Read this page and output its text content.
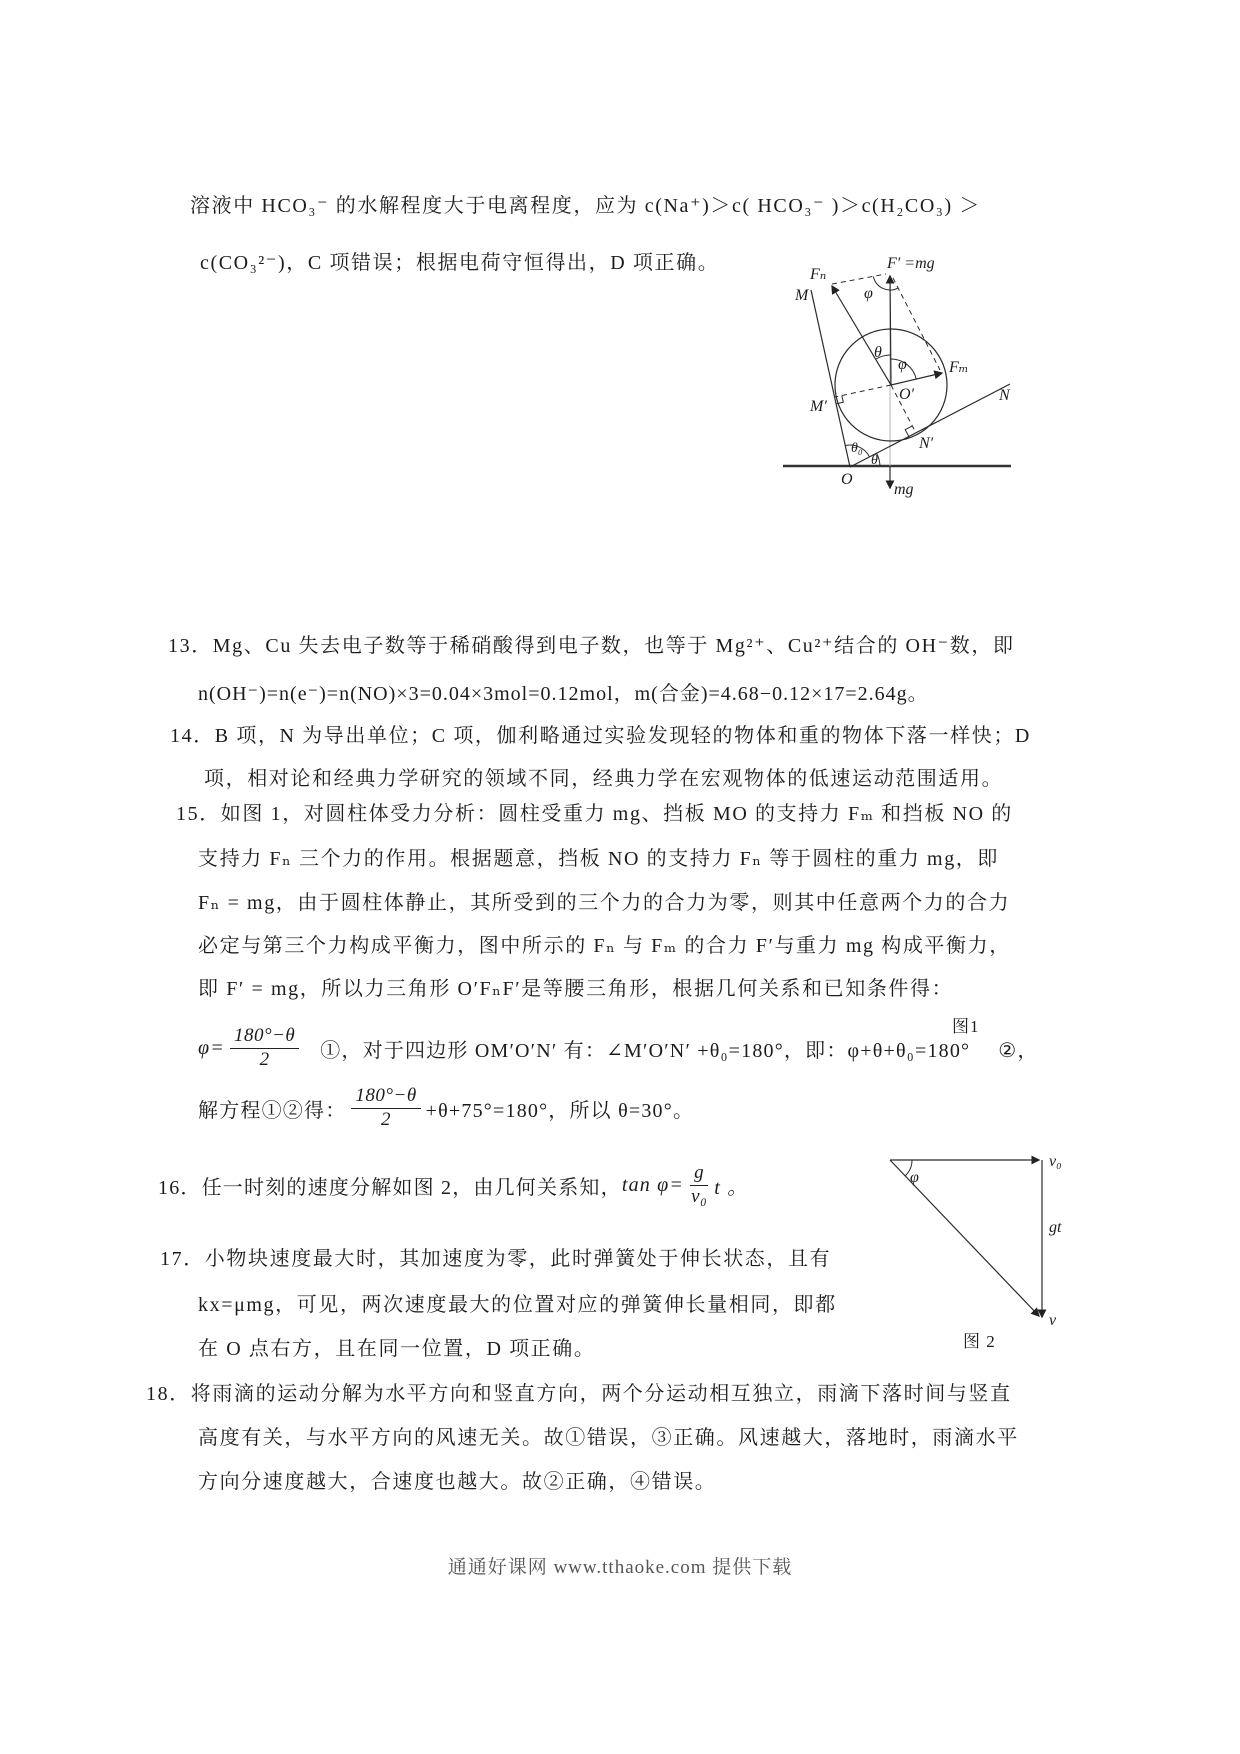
溶液中 HCO₃⁻ 的水解程度大于电离程度，应为 c(Na⁺)＞c( HCO₃⁻ )＞c(H₂CO₃) ＞
c(CO₃²⁻)，C 项错误；根据电荷守恒得出，D 项正确。
M
Fₙ
F′ =mg
φ
θ
φ
O′
Fₘ
N
M′
N′
O
θ₀
θ
mg
13．Mg、Cu 失去电子数等于稀硝酸得到电子数，也等于 Mg²⁺、Cu²⁺结合的 OH⁻数，即
n(OH⁻)=n(e⁻)=n(NO)×3=0.04×3mol=0.12mol，m(合金)=4.68−0.12×17=2.64g。
14．B 项，N 为导出单位；C 项，伽利略通过实验发现轻的物体和重的物体下落一样快；D
项，相对论和经典力学研究的领域不同，经典力学在宏观物体的低速运动范围适用。
15．如图 1，对圆柱体受力分析：圆柱受重力 mg、挡板 MO 的支持力 Fₘ 和挡板 NO 的
支持力 Fₙ 三个力的作用。根据题意，挡板 NO 的支持力 Fₙ 等于圆柱的重力 mg，即
Fₙ = mg，由于圆柱体静止，其所受到的三个力的合力为零，则其中任意两个力的合力
必定与第三个力构成平衡力，图中所示的 Fₙ 与 Fₘ 的合力 F′与重力 mg 构成平衡力，
即 F′ = mg，所以力三角形 O′FₙF′是等腰三角形，根据几何关系和已知条件得：
图1
$\varphi= \frac{180^\circ-\theta}{2}$ ①，对于四边形 OM′O′N′ 有：∠M′O′N′ +θ₀=180°，即：φ+θ+θ₀=180° ②，
解方程①②得： $\frac{180^\circ-\theta}{2} +\theta+75^\circ=180^\circ$，所以 θ=30°。
16．任一时刻的速度分解如图 2，由几何关系知， $\tan \varphi= \frac{g}{\text{v₀}}$ t 。	φ
v₀
gt
v
图 2
17．小物块速度最大时，其加速度为零，此时弹簧处于伸长状态，且有
kx=μmg，可见，两次速度最大的位置对应的弹簧伸长量相同，即都
在 O 点右方，且在同一位置，D 项正确。
18．将雨滴的运动分解为水平方向和竖直方向，两个分运动相互独立，雨滴下落时间与竖直
高度有关，与水平方向的风速无关。故①错误，③正确。风速越大，落地时，雨滴水平
方向分速度越大，合速度也越大。故②正确，④错误。
通通好课网 www.tthaoke.com 提供下载
